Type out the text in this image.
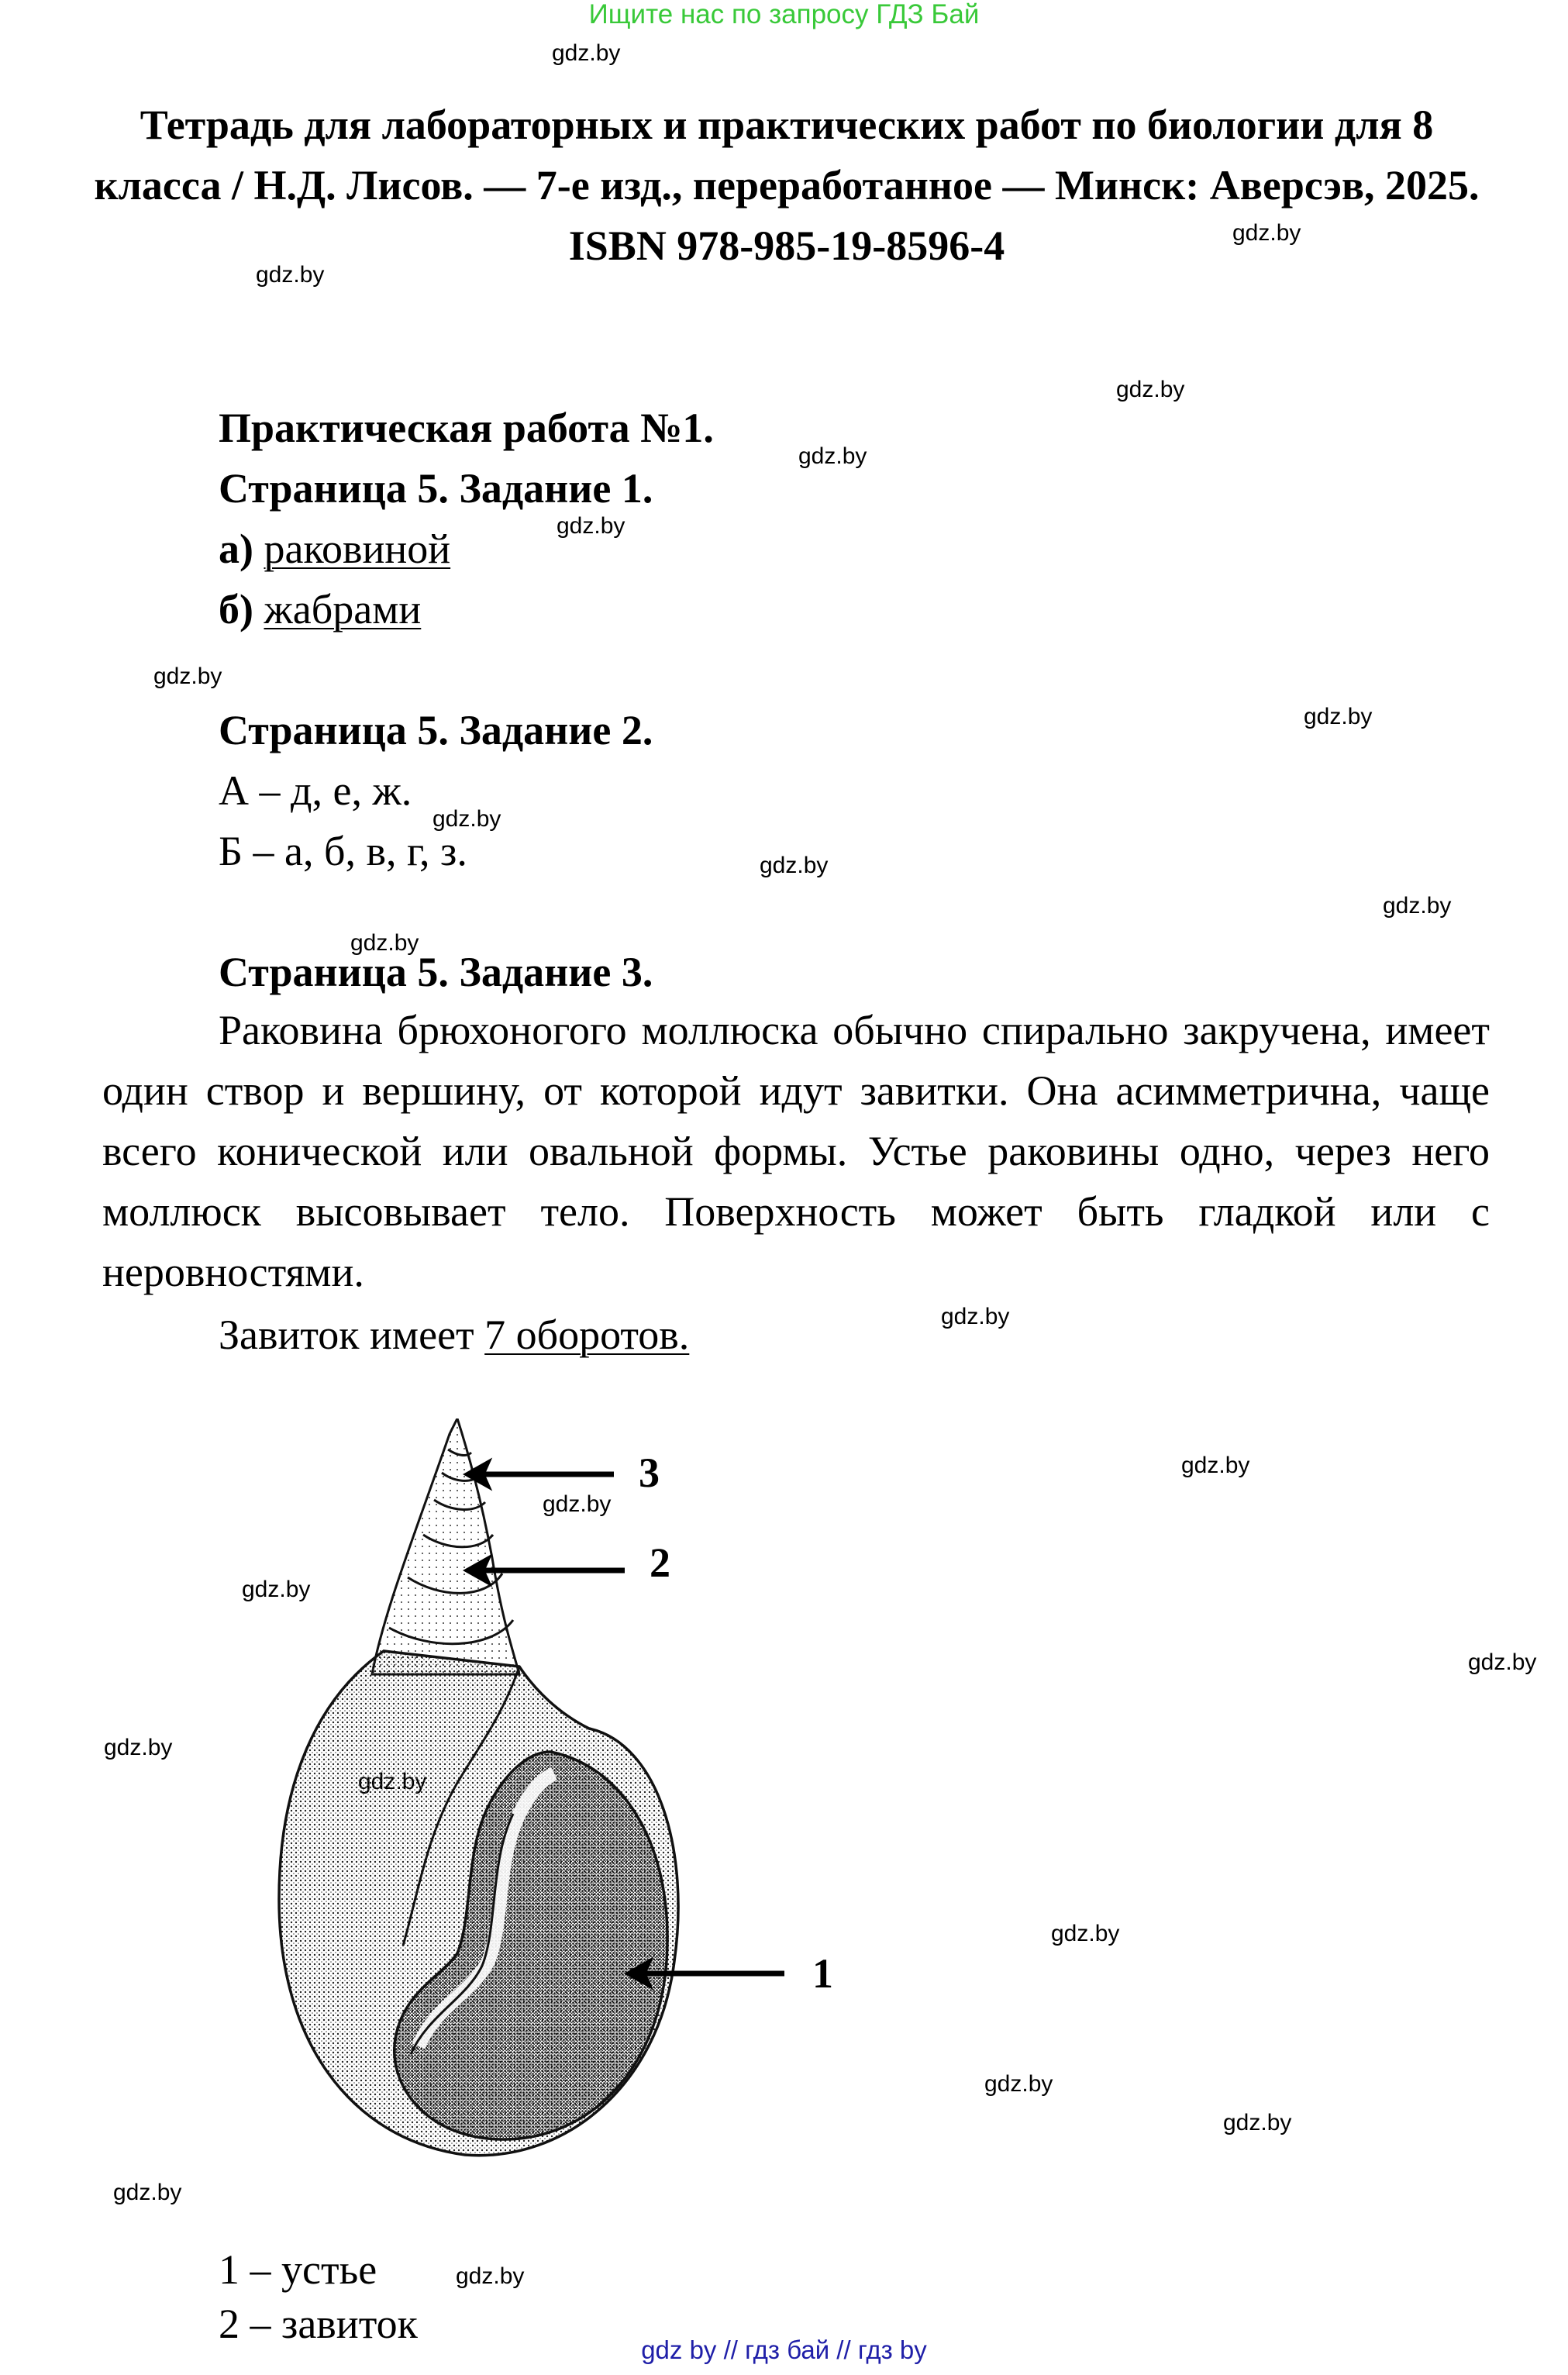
Ищите нас по запросу ГДЗ Бай
gdz.by
gdz.by
gdz.by
gdz.by
gdz.by
gdz.by
gdz.by
gdz.by
gdz.by
gdz.by
gdz.by
gdz.by
gdz.by
gdz.by
gdz.by
gdz.by
gdz.by
gdz.by
gdz.by
gdz.by
gdz.by
gdz.by
gdz.by
Тетрадь для лабораторных и практических работ по биологии для 8 класса / Н.Д. Лисов. — 7-е изд., переработанное — Минск: Аверсэв, 2025. ISBN 978-985-19-8596-4
Практическая работа №1.
Страница 5. Задание 1.
а) раковиной
б) жабрами
Страница 5. Задание 2.
А – д, е, ж.
Б – а, б, в, г, з.
Страница 5. Задание 3.
Раковина брюхоногого моллюска обычно спирально закручена, имеет один створ и вершину, от которой идут завитки. Она асимметрична, чаще всего конической или овальной формы. Устье раковины одно, через него моллюск высовывает тело. Поверхность может быть гладкой или с неровностями.
Завиток имеет 7 оборотов.
3
2
1
1 – устье
2 – завиток
gdz by // гдз бай // гдз by
